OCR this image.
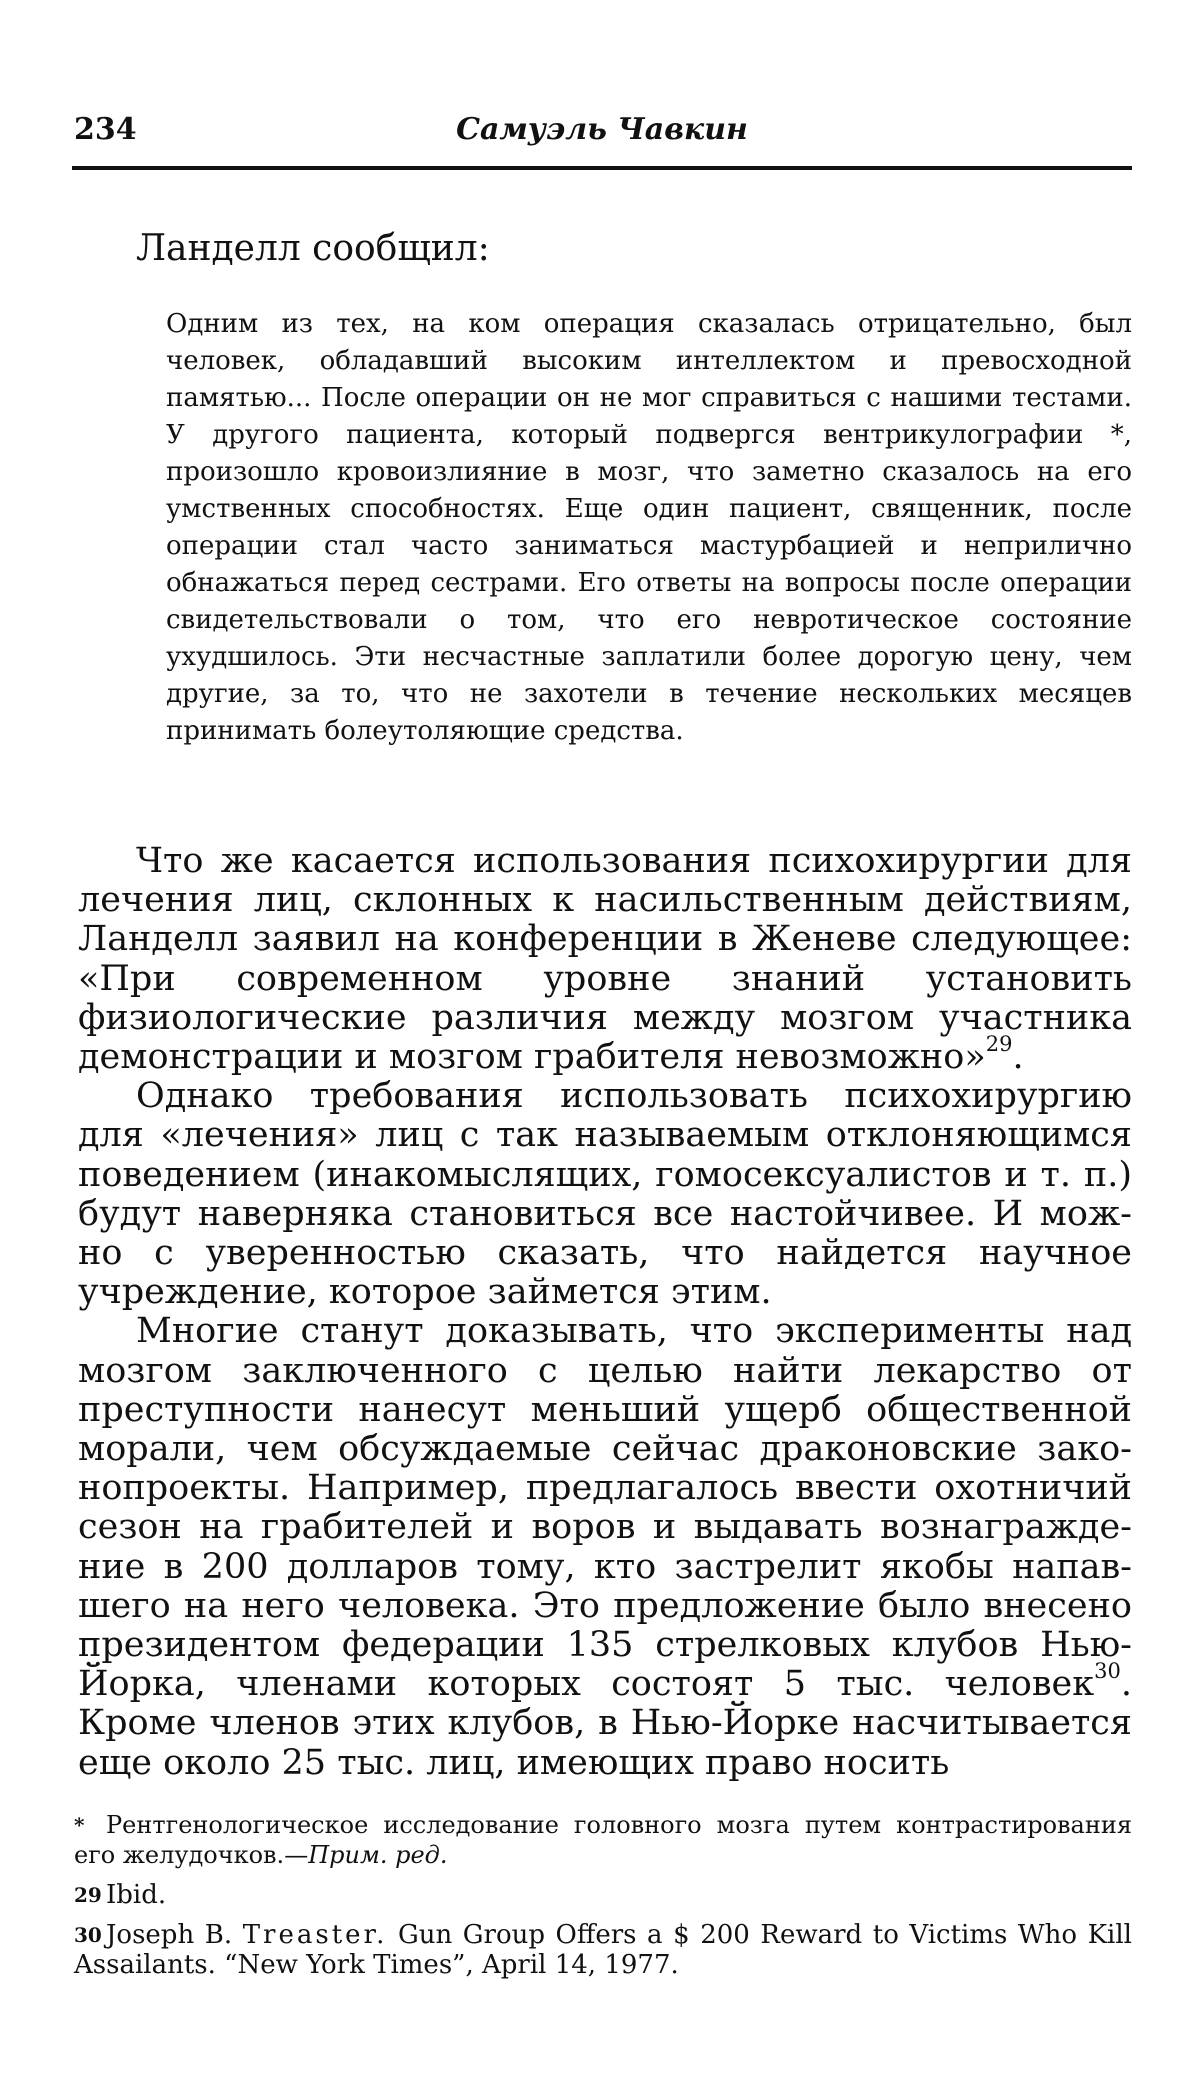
234	Самуэль Чавкин
Ланделл сообщил:
Одним из тех, на ком операция сказалась отрицательно, был человек, обладавший высоким интеллектом и превосходной памятью... После операции он не мог справиться с нашими тестами. У другого пациента, который подвергся вентрикулографии *, произошло кровоизлияние в мозг, что заметно сказалось на его умственных способностях. Еще один пациент, священник, после операции стал часто заниматься мастурбацией и неприлично обнажаться перед сестрами. Его ответы на вопросы после операции свидетельствовали о том, что его невротическое состояние ухудшилось. Эти несчастные заплатили более дорогую цену, чем другие, за то, что не захотели в течение нескольких месяцев принимать болеутоляющие средства.

Что же касается использования психохирургии для лечения лиц, склонных к насильственным действиям, Ланделл заявил на конференции в Женеве следующее: «При современном уровне знаний установить физиологические различия между мозгом участника демонстрации и мозгом грабителя невозможно»$^{29}$.

Однако требования использовать психохирургию для «лечения» лиц с так называемым отклоняющимся поведением (инакомыслящих, гомосексуалистов и т. п.) будут наверняка становиться все настойчивее. И можно с уверенностью сказать, что найдется научное учреждение, которое займется этим.

Многие станут доказывать, что эксперименты над мозгом заключенного с целью найти лекарство от преступности нанесут меньший ущерб общественной морали, чем обсуждаемые сейчас драконовские законопроекты. Например, предлагалось ввести охотничий сезон на грабителей и воров и выдавать вознаграждение в 200 долларов тому, кто застрелит якобы напавшего на него человека. Это предложение было внесено президентом федерации 135 стрелковых клубов Нью-Йорка, членами которых состоят 5 тыс. человек$^{30}$. Кроме членов этих клубов, в Нью-Йорке насчитывается еще около 25 тыс. лиц, имеющих право носить

* Рентгенологическое исследование головного мозга путем контрастирования его желудочков.—Прим. ред.
29 Ibid.
30 Joseph B. Treaster. Gun Group Offers a $ 200 Reward to Victims Who Kill Assailants. “New York Times”, April 14, 1977.
